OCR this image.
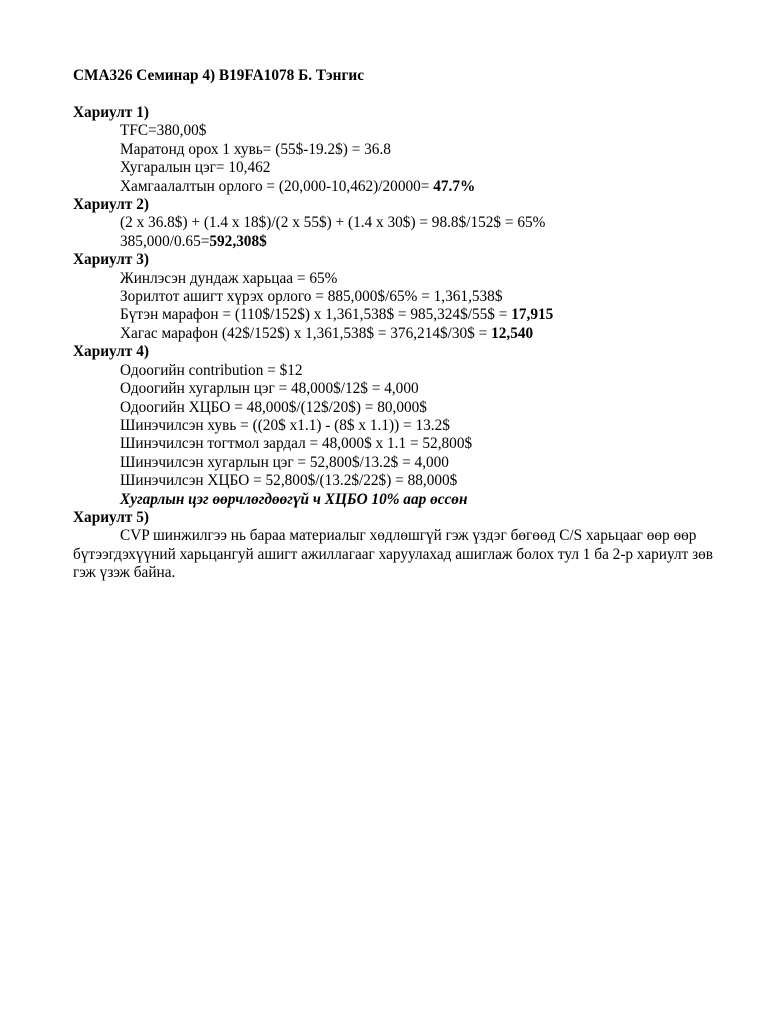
CMA326 Семинар 4) B19FA1078 Б. Тэнгис
Хариулт 1)
TFC=380,00$
Маратонд орох 1 хувь= (55$-19.2$) = 36.8
Хугаралын цэг= 10,462
Хамгаалалтын орлого = (20,000-10,462)/20000= 47.7%
Хариулт 2)
(2 x 36.8$) + (1.4 x 18$)/(2 x 55$) + (1.4 x 30$) = 98.8$/152$ = 65%
385,000/0.65=592,308$
Хариулт 3)
Жинлэсэн дундаж харьцаа = 65%
Зорилтот ашигт хүрэх орлого = 885,000$/65% = 1,361,538$
Бүтэн марафон = (110$/152$) x 1,361,538$ = 985,324$/55$ = 17,915
Хагас марафон (42$/152$) x 1,361,538$ = 376,214$/30$ = 12,540
Хариулт 4)
Одоогийн contribution = $12
Одоогийн хугарлын цэг = 48,000$/12$ = 4,000
Одоогийн ХЦБО = 48,000$/(12$/20$) = 80,000$
Шинэчилсэн хувь = ((20$ x1.1) - (8$ x 1.1)) = 13.2$
Шинэчилсэн тогтмол зардал = 48,000$ x 1.1 = 52,800$
Шинэчилсэн хугарлын цэг = 52,800$/13.2$ = 4,000
Шинэчилсэн ХЦБО = 52,800$/(13.2$/22$) = 88,000$
Хугарлын цэг өөрчлөгдөөгүй ч ХЦБО 10% аар өссөн
Хариулт 5)
CVP шинжилгээ нь бараа материалыг хөдлөшгүй гэж үздэг бөгөөд C/S харьцааг өөр өөр бүтээгдэхүүний харьцангуй ашигт ажиллагааг харуулахад ашиглаж болох тул 1 ба 2-р хариулт зөв гэж үзэж байна.
